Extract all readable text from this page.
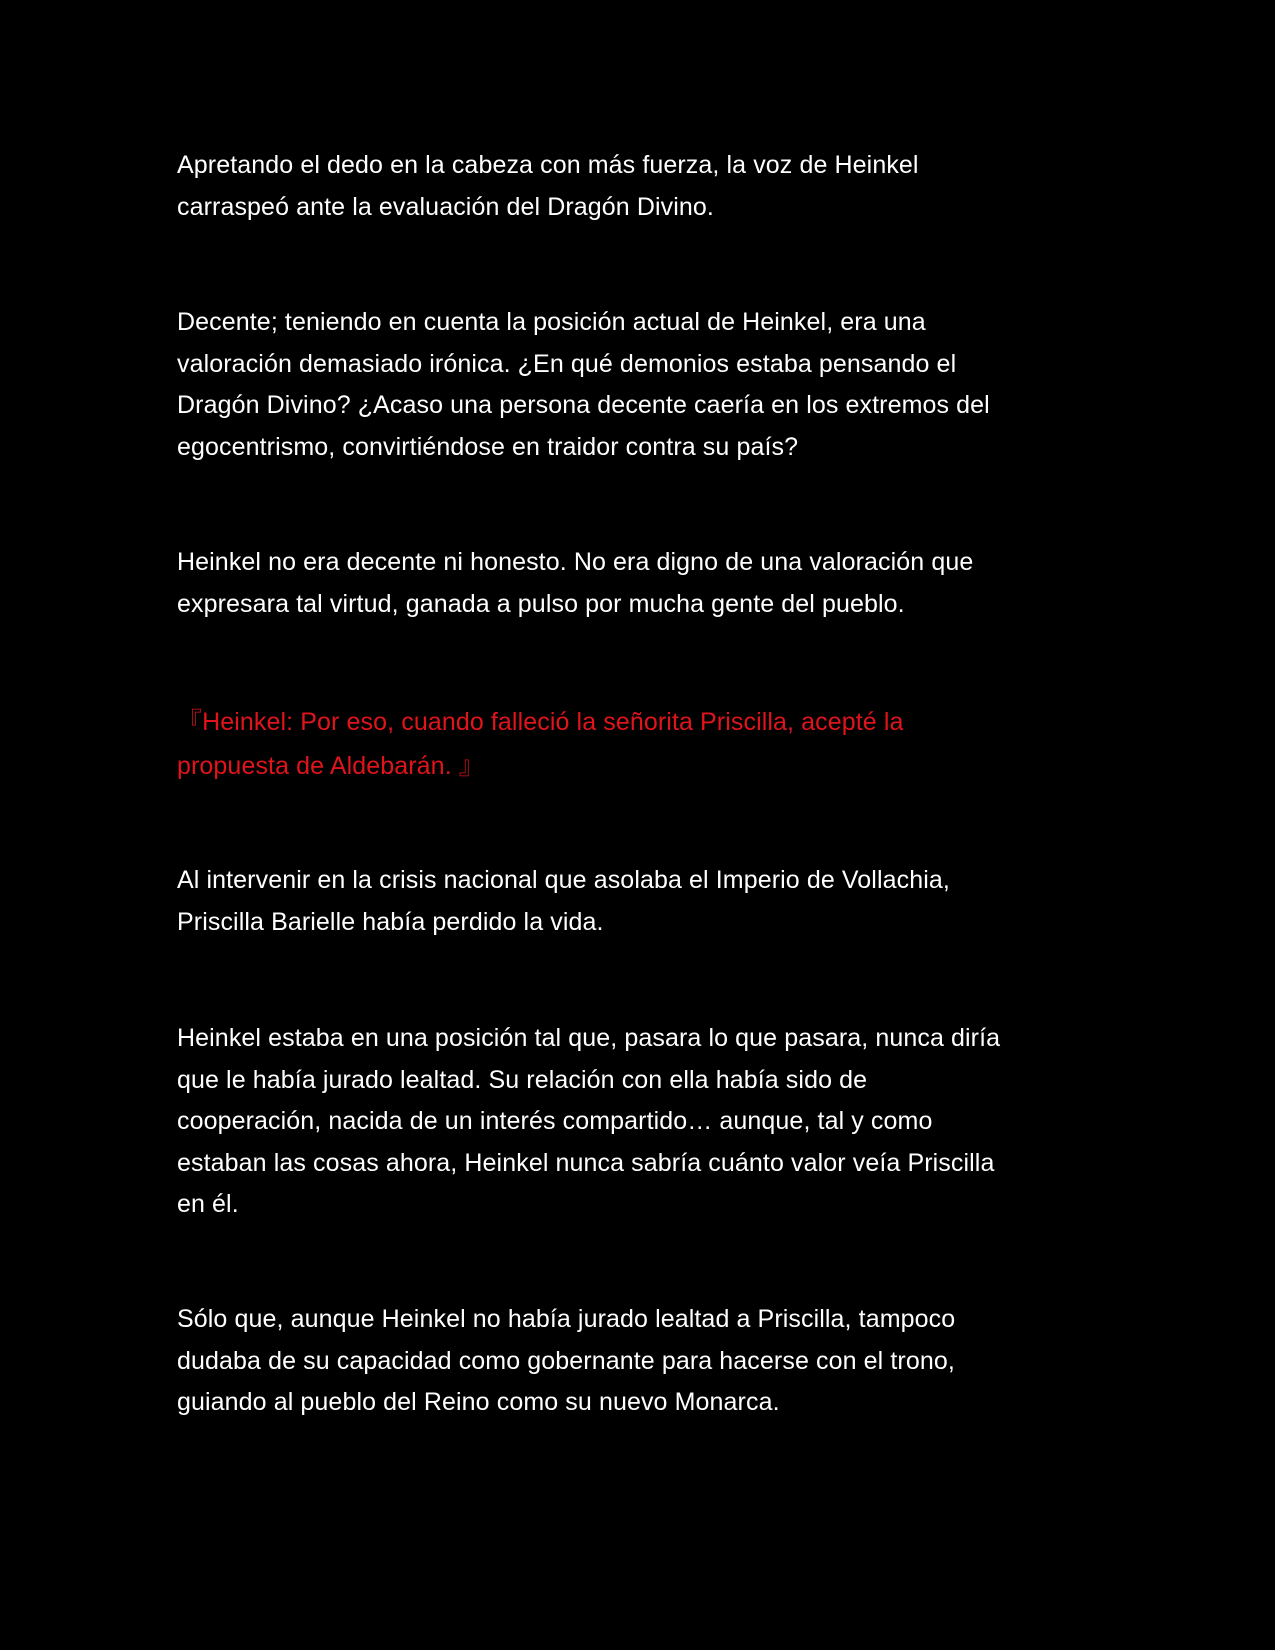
Apretando el dedo en la cabeza con más fuerza, la voz de Heinkel
carraspeó ante la evaluación del Dragón Divino.

Decente; teniendo en cuenta la posición actual de Heinkel, era una
valoración demasiado irónica. ¿En qué demonios estaba pensando el
Dragón Divino? ¿Acaso una persona decente caería en los extremos del
egocentrismo, convirtiéndose en traidor contra su país?

Heinkel no era decente ni honesto. No era digno de una valoración que
expresara tal virtud, ganada a pulso por mucha gente del pueblo.

『Heinkel: Por eso, cuando falleció la señorita Priscilla, acepté la
propuesta de Aldebarán. 』

Al intervenir en la crisis nacional que asolaba el Imperio de Vollachia,
Priscilla Barielle había perdido la vida.

Heinkel estaba en una posición tal que, pasara lo que pasara, nunca diría
que le había jurado lealtad. Su relación con ella había sido de
cooperación, nacida de un interés compartido… aunque, tal y como
estaban las cosas ahora, Heinkel nunca sabría cuánto valor veía Priscilla
en él.

Sólo que, aunque Heinkel no había jurado lealtad a Priscilla, tampoco
dudaba de su capacidad como gobernante para hacerse con el trono,
guiando al pueblo del Reino como su nuevo Monarca.
